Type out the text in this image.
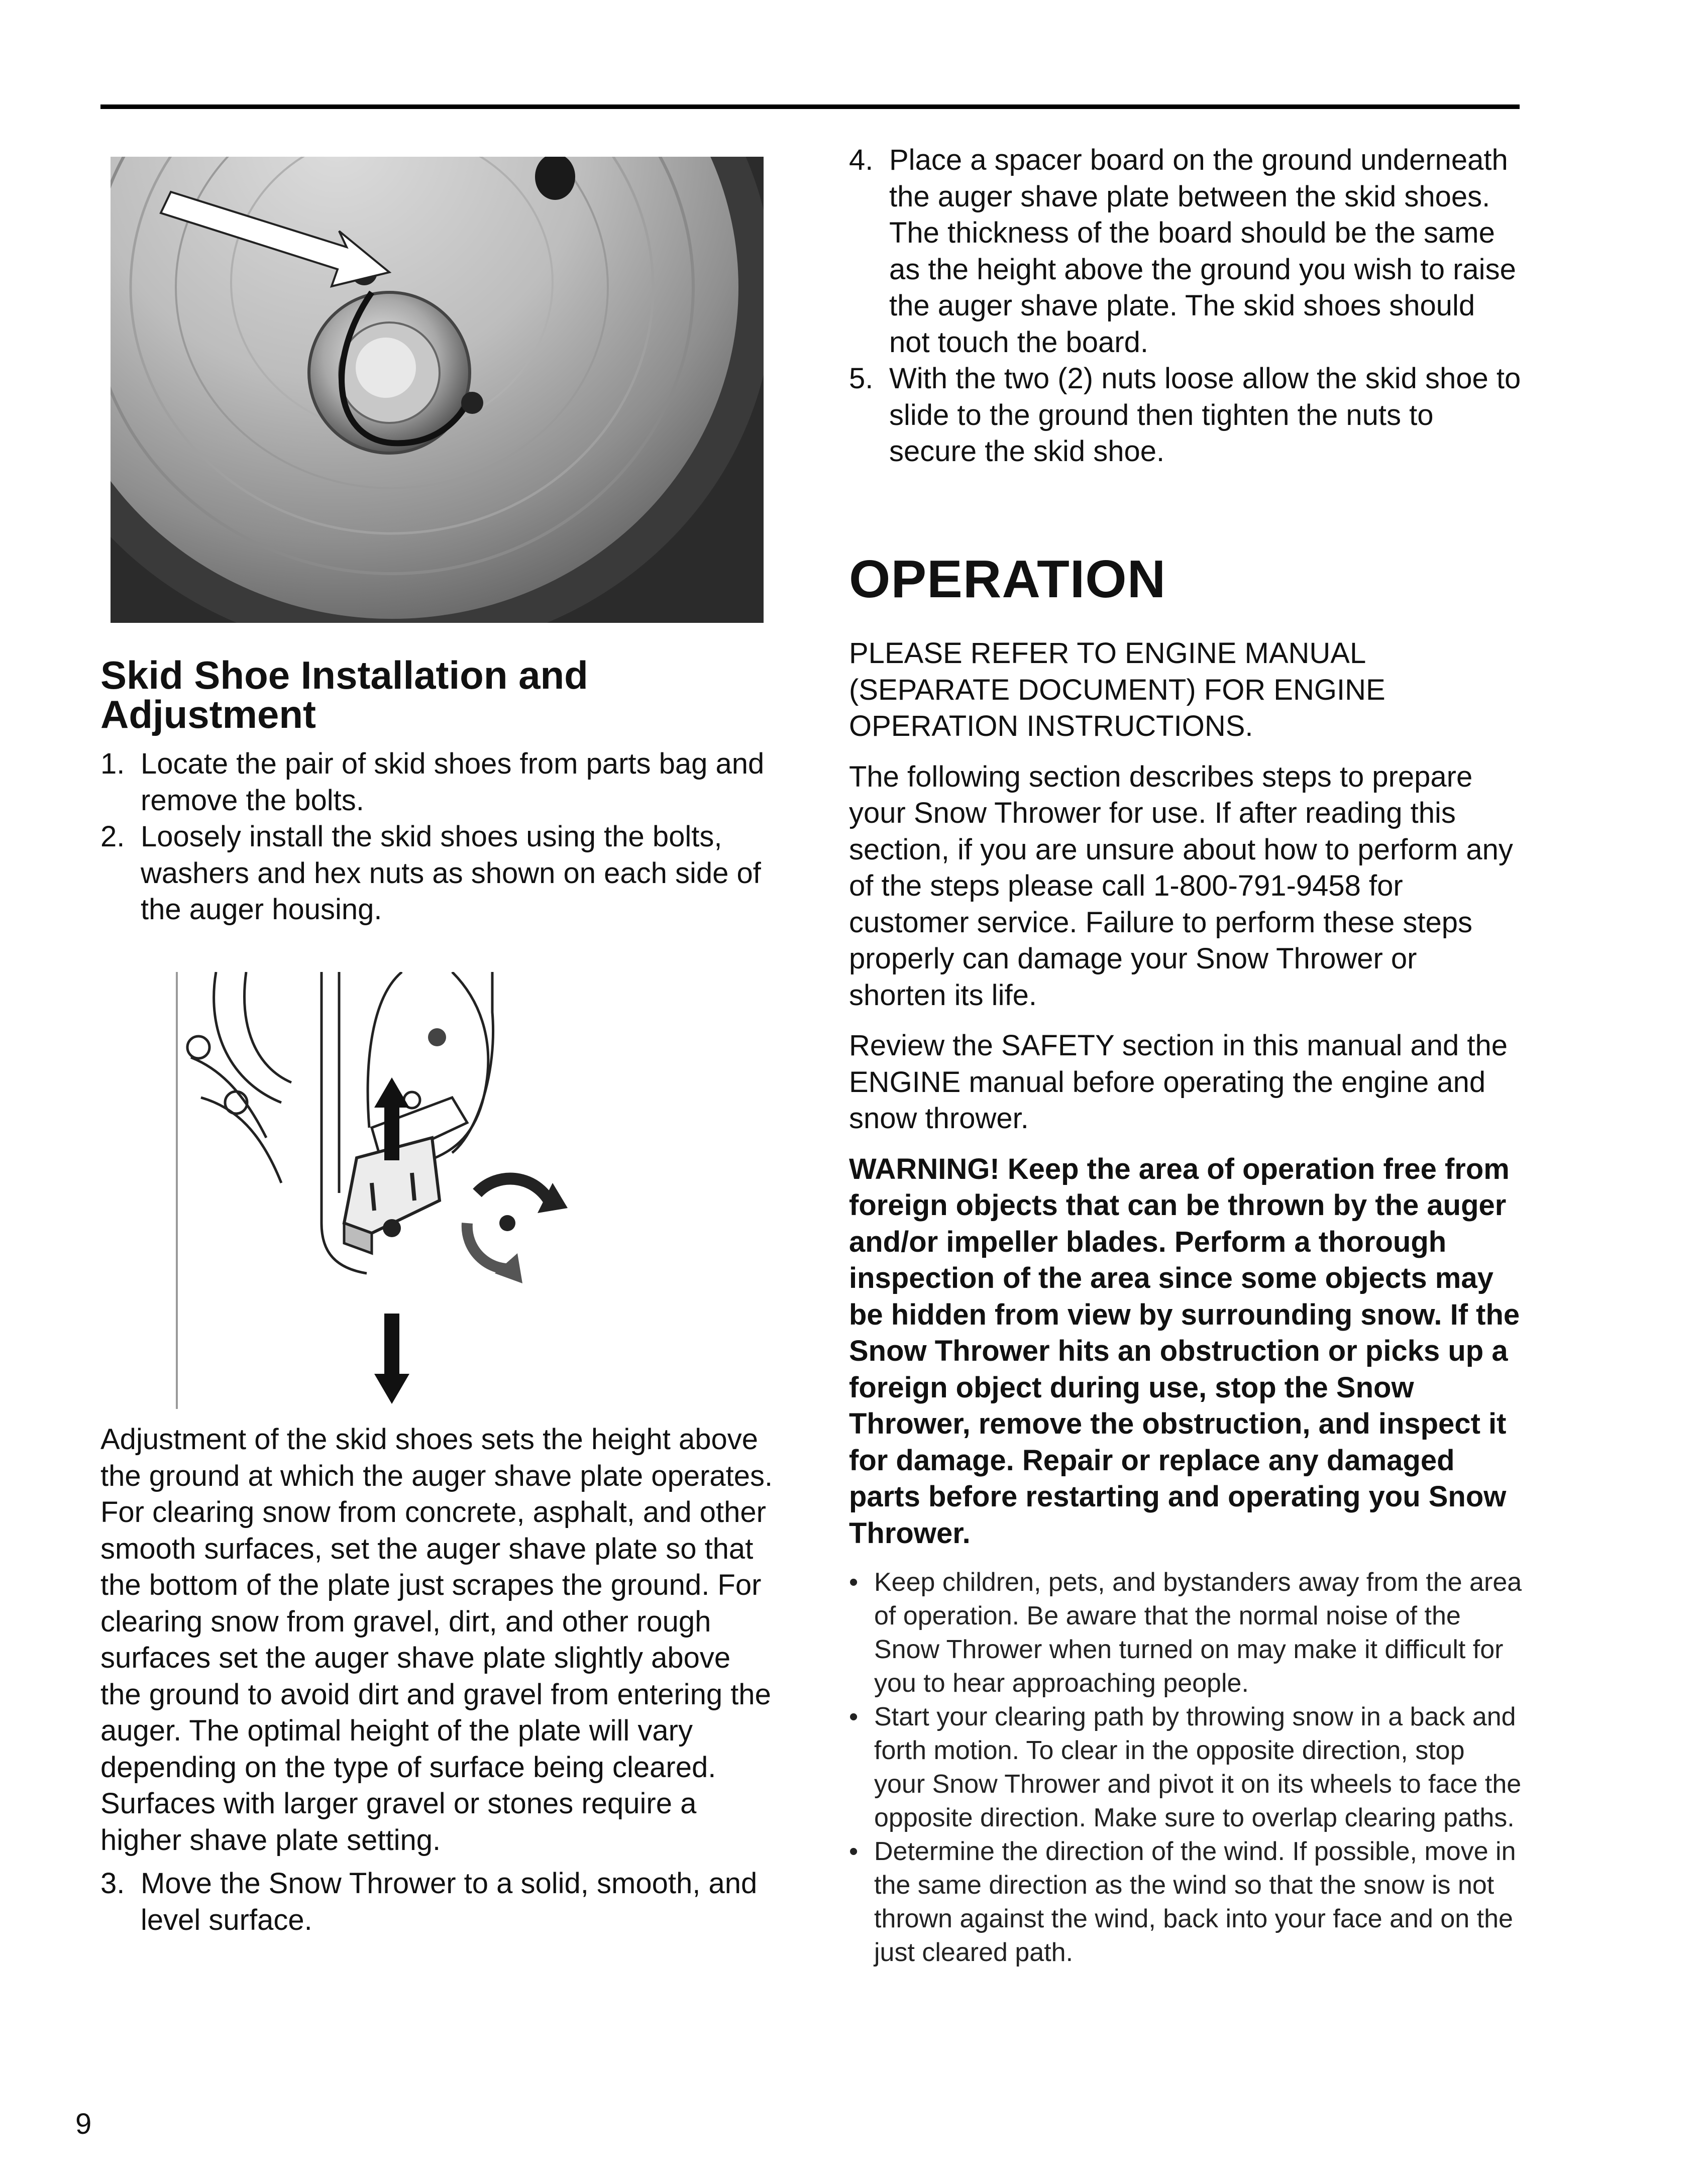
Skid Shoe Installation and Adjustment
1. Locate the pair of skid shoes from parts bag and remove the bolts.
2. Loosely install the skid shoes using the bolts, washers and hex nuts as shown on each side of the auger housing.

Adjustment of the skid shoes sets the height above the ground at which the auger shave plate operates. For clearing snow from concrete, asphalt, and other smooth surfaces, set the auger shave plate so that the bottom of the plate just scrapes the ground. For clearing snow from gravel, dirt, and other rough surfaces set the auger shave plate slightly above the ground to avoid dirt and gravel from entering the auger. The optimal height of the plate will vary depending on the type of surface being cleared. Surfaces with larger gravel or stones require a higher shave plate setting.

3. Move the Snow Thrower to a solid, smooth, and level surface.
4. Place a spacer board on the ground underneath the auger shave plate between the skid shoes. The thickness of the board should be the same as the height above the ground you wish to raise the auger shave plate. The skid shoes should not touch the board.
5. With the two (2) nuts loose allow the skid shoe to slide to the ground then tighten the nuts to secure the skid shoe.
OPERATION

PLEASE REFER TO ENGINE MANUAL (SEPARATE DOCUMENT) FOR ENGINE OPERATION INSTRUCTIONS.

The following section describes steps to prepare your Snow Thrower for use. If after reading this section, if you are unsure about how to perform any of the steps please call 1-800-791-9458 for customer service. Failure to perform these steps properly can damage your Snow Thrower or shorten its life.

Review the SAFETY section in this manual and the ENGINE manual before operating the engine and snow thrower.

WARNING! Keep the area of operation free from foreign objects that can be thrown by the auger and/or impeller blades. Perform a thorough inspection of the area since some objects may be hidden from view by surrounding snow. If the Snow Thrower hits an obstruction or picks up a foreign object during use, stop the Snow Thrower, remove the obstruction, and inspect it for damage. Repair or replace any damaged parts before restarting and operating you Snow Thrower.

• Keep children, pets, and bystanders away from the area of operation. Be aware that the normal noise of the Snow Thrower when turned on may make it difficult for you to hear approaching people.
• Start your clearing path by throwing snow in a back and forth motion. To clear in the opposite direction, stop your Snow Thrower and pivot it on its wheels to face the opposite direction. Make sure to overlap clearing paths.
• Determine the direction of the wind. If possible, move in the same direction as the wind so that the snow is not thrown against the wind, back into your face and on the just cleared path.
9
